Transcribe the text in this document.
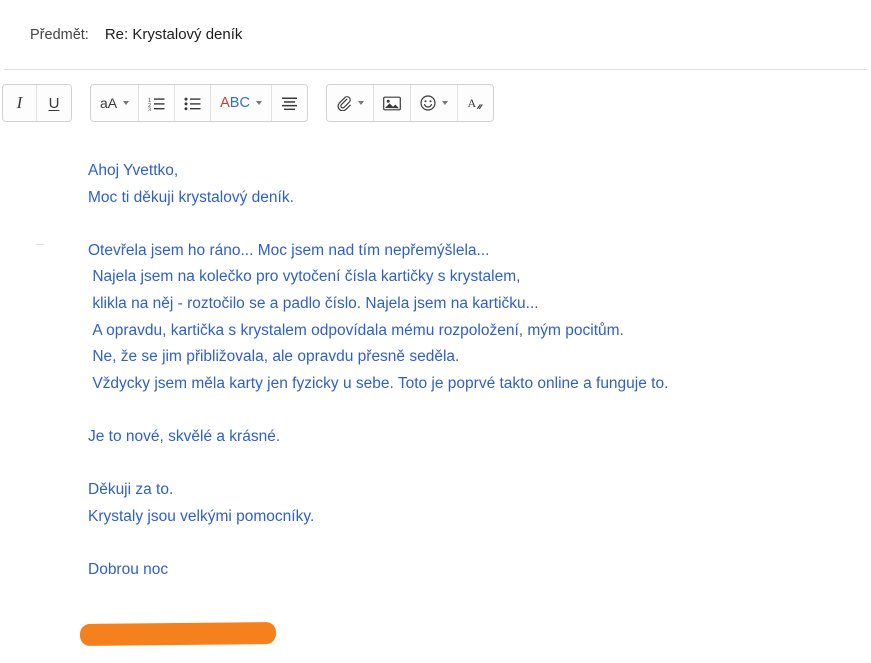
Předmět:
Re: Krystalový deník
I U	aA	1
2
3	ABC	A

Ahoj Yvettko,

Moc ti děkuji krystalový deník.

Otevřela jsem ho ráno... Moc jsem nad tím nepřemýšlela...

Najela jsem na kolečko pro vytočení čísla kartičky s krystalem,

klikla na něj - roztočilo se a padlo číslo. Najela jsem na kartičku...

A opravdu, kartička s krystalem odpovídala mému rozpoložení, mým pocitům.

Ne, že se jim přibližovala, ale opravdu přesně seděla.

Vždycky jsem měla karty jen fyzicky u sebe. Toto je poprvé takto online a funguje to.

Je to nové, skvělé a krásné.

Děkuji za to.

Krystaly jsou velkými pomocníky.

Dobrou noc
